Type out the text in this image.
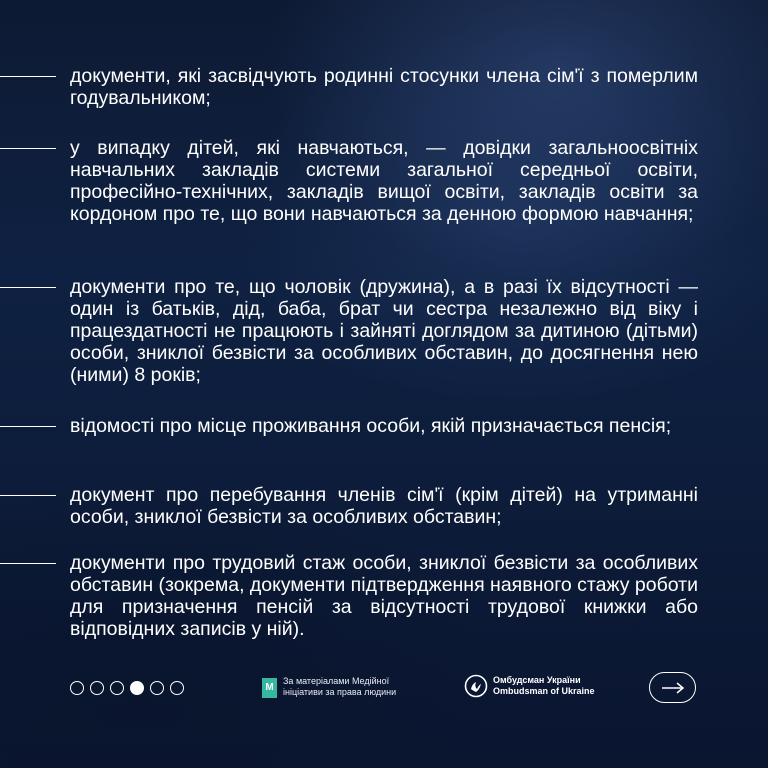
документи, які засвідчують родинні стосунки члена сім'ї з померлим годувальником;
у випадку дітей, які навчаються, — довідки загальноосвітніх навчальних закладів системи загальної середньої освіти, професійно-технічних, закладів вищої освіти, закладів освіти за кордоном про те, що вони навчаються за денною формою навчання;
документи про те, що чоловік (дружина), а в разі їх відсутності — один із батьків, дід, баба, брат чи сестра незалежно від віку і працездатності не працюють і зайняті доглядом за дитиною (дітьми) особи, зниклої безвісти за особливих обставин, до досягнення нею (ними) 8 років;
відомості про місце проживання особи, якій призначається пенсія;
документ про перебування членів сім'ї (крім дітей) на утриманні особи, зниклої безвісти за особливих обставин;
документи про трудовий стаж особи, зниклої безвісти за особливих обставин (зокрема, документи підтвердження наявного стажу роботи для призначення пенсій за відсутності трудової книжки або відповідних записів у ній).
М
За матеріалами Медійної
ініціативи за права людини
Омбудсман України
Ombudsman of Ukraine
